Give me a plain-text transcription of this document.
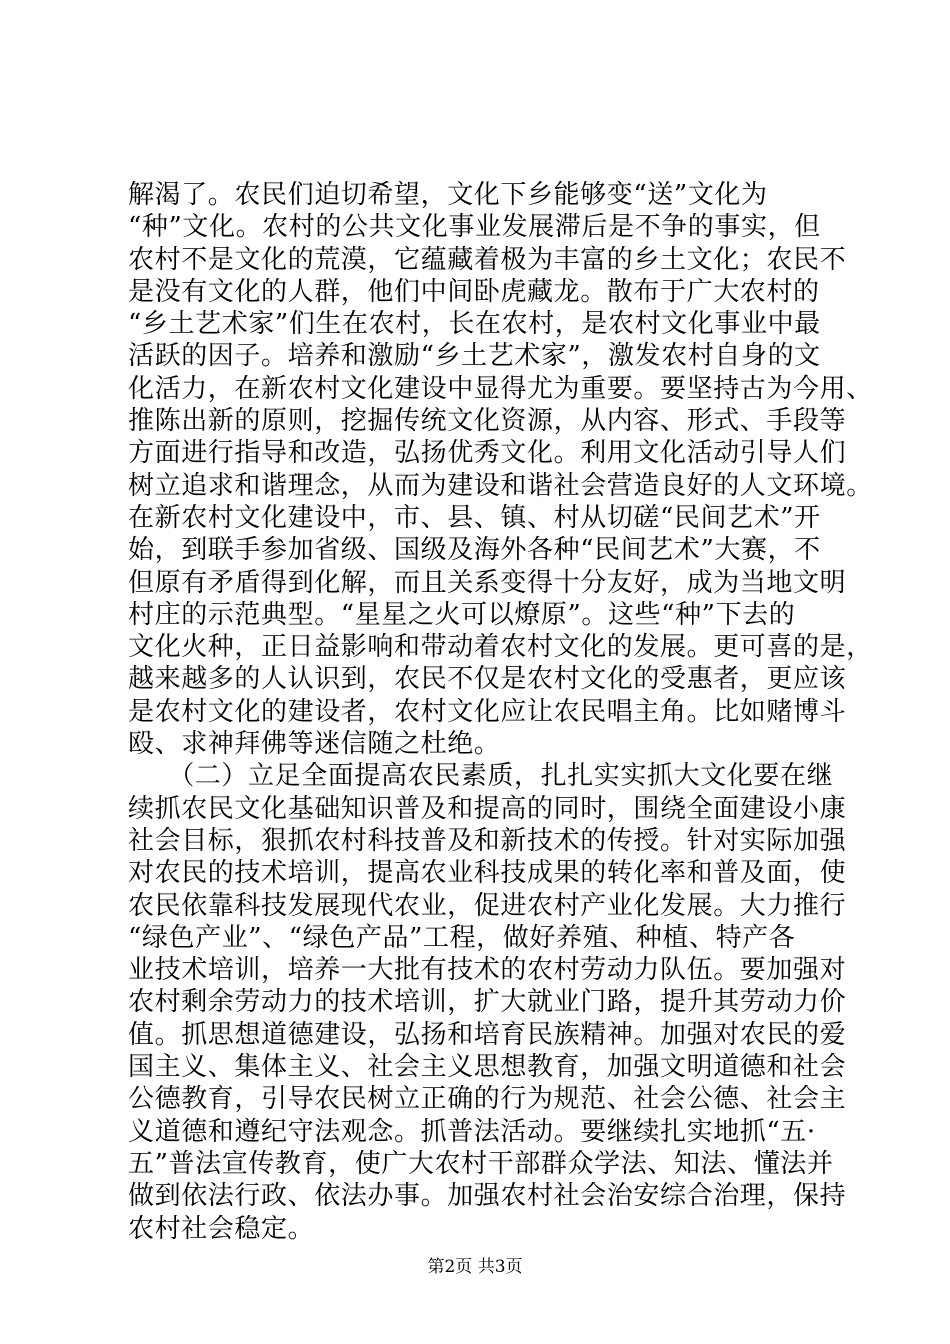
解渴了。农民们迫切希望，文化下乡能够变“送”文化为
“种”文化。农村的公共文化事业发展滞后是不争的事实，但
农村不是文化的荒漠，它蕴藏着极为丰富的乡土文化；农民不
是没有文化的人群，他们中间卧虎藏龙。散布于广大农村的
“乡土艺术家”们生在农村，长在农村，是农村文化事业中最
活跃的因子。培养和激励“乡土艺术家”，激发农村自身的文
化活力，在新农村文化建设中显得尤为重要。要坚持古为今用、
推陈出新的原则，挖掘传统文化资源，从内容、形式、手段等
方面进行指导和改造，弘扬优秀文化。利用文化活动引导人们
树立追求和谐理念，从而为建设和谐社会营造良好的人文环境。
在新农村文化建设中，市、县、镇、村从切磋“民间艺术”开
始，到联手参加省级、国级及海外各种“民间艺术”大赛，不
但原有矛盾得到化解，而且关系变得十分友好，成为当地文明
村庄的示范典型。“星星之火可以燎原”。这些“种”下去的
文化火种，正日益影响和带动着农村文化的发展。更可喜的是，
越来越多的人认识到，农民不仅是农村文化的受惠者，更应该
是农村文化的建设者，农村文化应让农民唱主角。比如赌博斗
殴、求神拜佛等迷信随之杜绝。
　　（二）立足全面提高农民素质，扎扎实实抓大文化要在继
续抓农民文化基础知识普及和提高的同时，围绕全面建设小康
社会目标，狠抓农村科技普及和新技术的传授。针对实际加强
对农民的技术培训，提高农业科技成果的转化率和普及面，使
农民依靠科技发展现代农业，促进农村产业化发展。大力推行
“绿色产业”、“绿色产品”工程，做好养殖、种植、特产各
业技术培训，培养一大批有技术的农村劳动力队伍。要加强对
农村剩余劳动力的技术培训，扩大就业门路，提升其劳动力价
值。抓思想道德建设，弘扬和培育民族精神。加强对农民的爱
国主义、集体主义、社会主义思想教育，加强文明道德和社会
公德教育，引导农民树立正确的行为规范、社会公德、社会主
义道德和遵纪守法观念。抓普法活动。要继续扎实地抓“五·
五”普法宣传教育，使广大农村干部群众学法、知法、懂法并
做到依法行政、依法办事。加强农村社会治安综合治理，保持
农村社会稳定。
第2页 共3页
